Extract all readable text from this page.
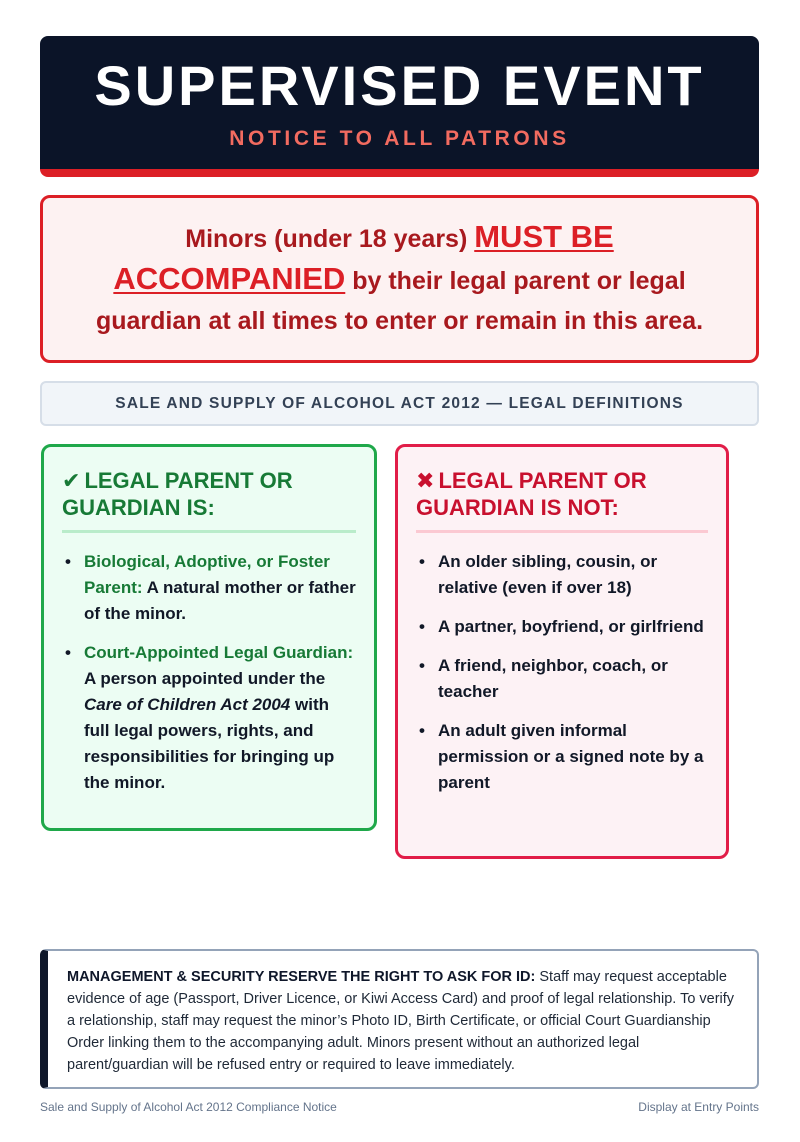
SUPERVISED EVENT
NOTICE TO ALL PATRONS

Minors (under 18 years) MUST BE ACCOMPANIED by their legal parent or legal guardian at all times to enter or remain in this area.

SALE AND SUPPLY OF ALCOHOL ACT 2012 — LEGAL DEFINITIONS
✔ LEGAL PARENT OR GUARDIAN IS:
• Biological, Adoptive, or Foster Parent: A natural mother or father of the minor.
• Court-Appointed Legal Guardian: A person appointed under the Care of Children Act 2004 with full legal powers, rights, and responsibilities for bringing up the minor.
✖ LEGAL PARENT OR GUARDIAN IS NOT:
• An older sibling, cousin, or relative (even if over 18)
• A partner, boyfriend, or girlfriend
• A friend, neighbor, coach, or teacher
• An adult given informal permission or a signed note by a parent

MANAGEMENT & SECURITY RESERVE THE RIGHT TO ASK FOR ID: Staff may request acceptable evidence of age (Passport, Driver Licence, or Kiwi Access Card) and proof of legal relationship. To verify a relationship, staff may request the minor’s Photo ID, Birth Certificate, or official Court Guardianship Order linking them to the accompanying adult. Minors present without an authorized legal parent/guardian will be refused entry or required to leave immediately.

Sale and Supply of Alcohol Act 2012 Compliance Notice	Display at Entry Points
